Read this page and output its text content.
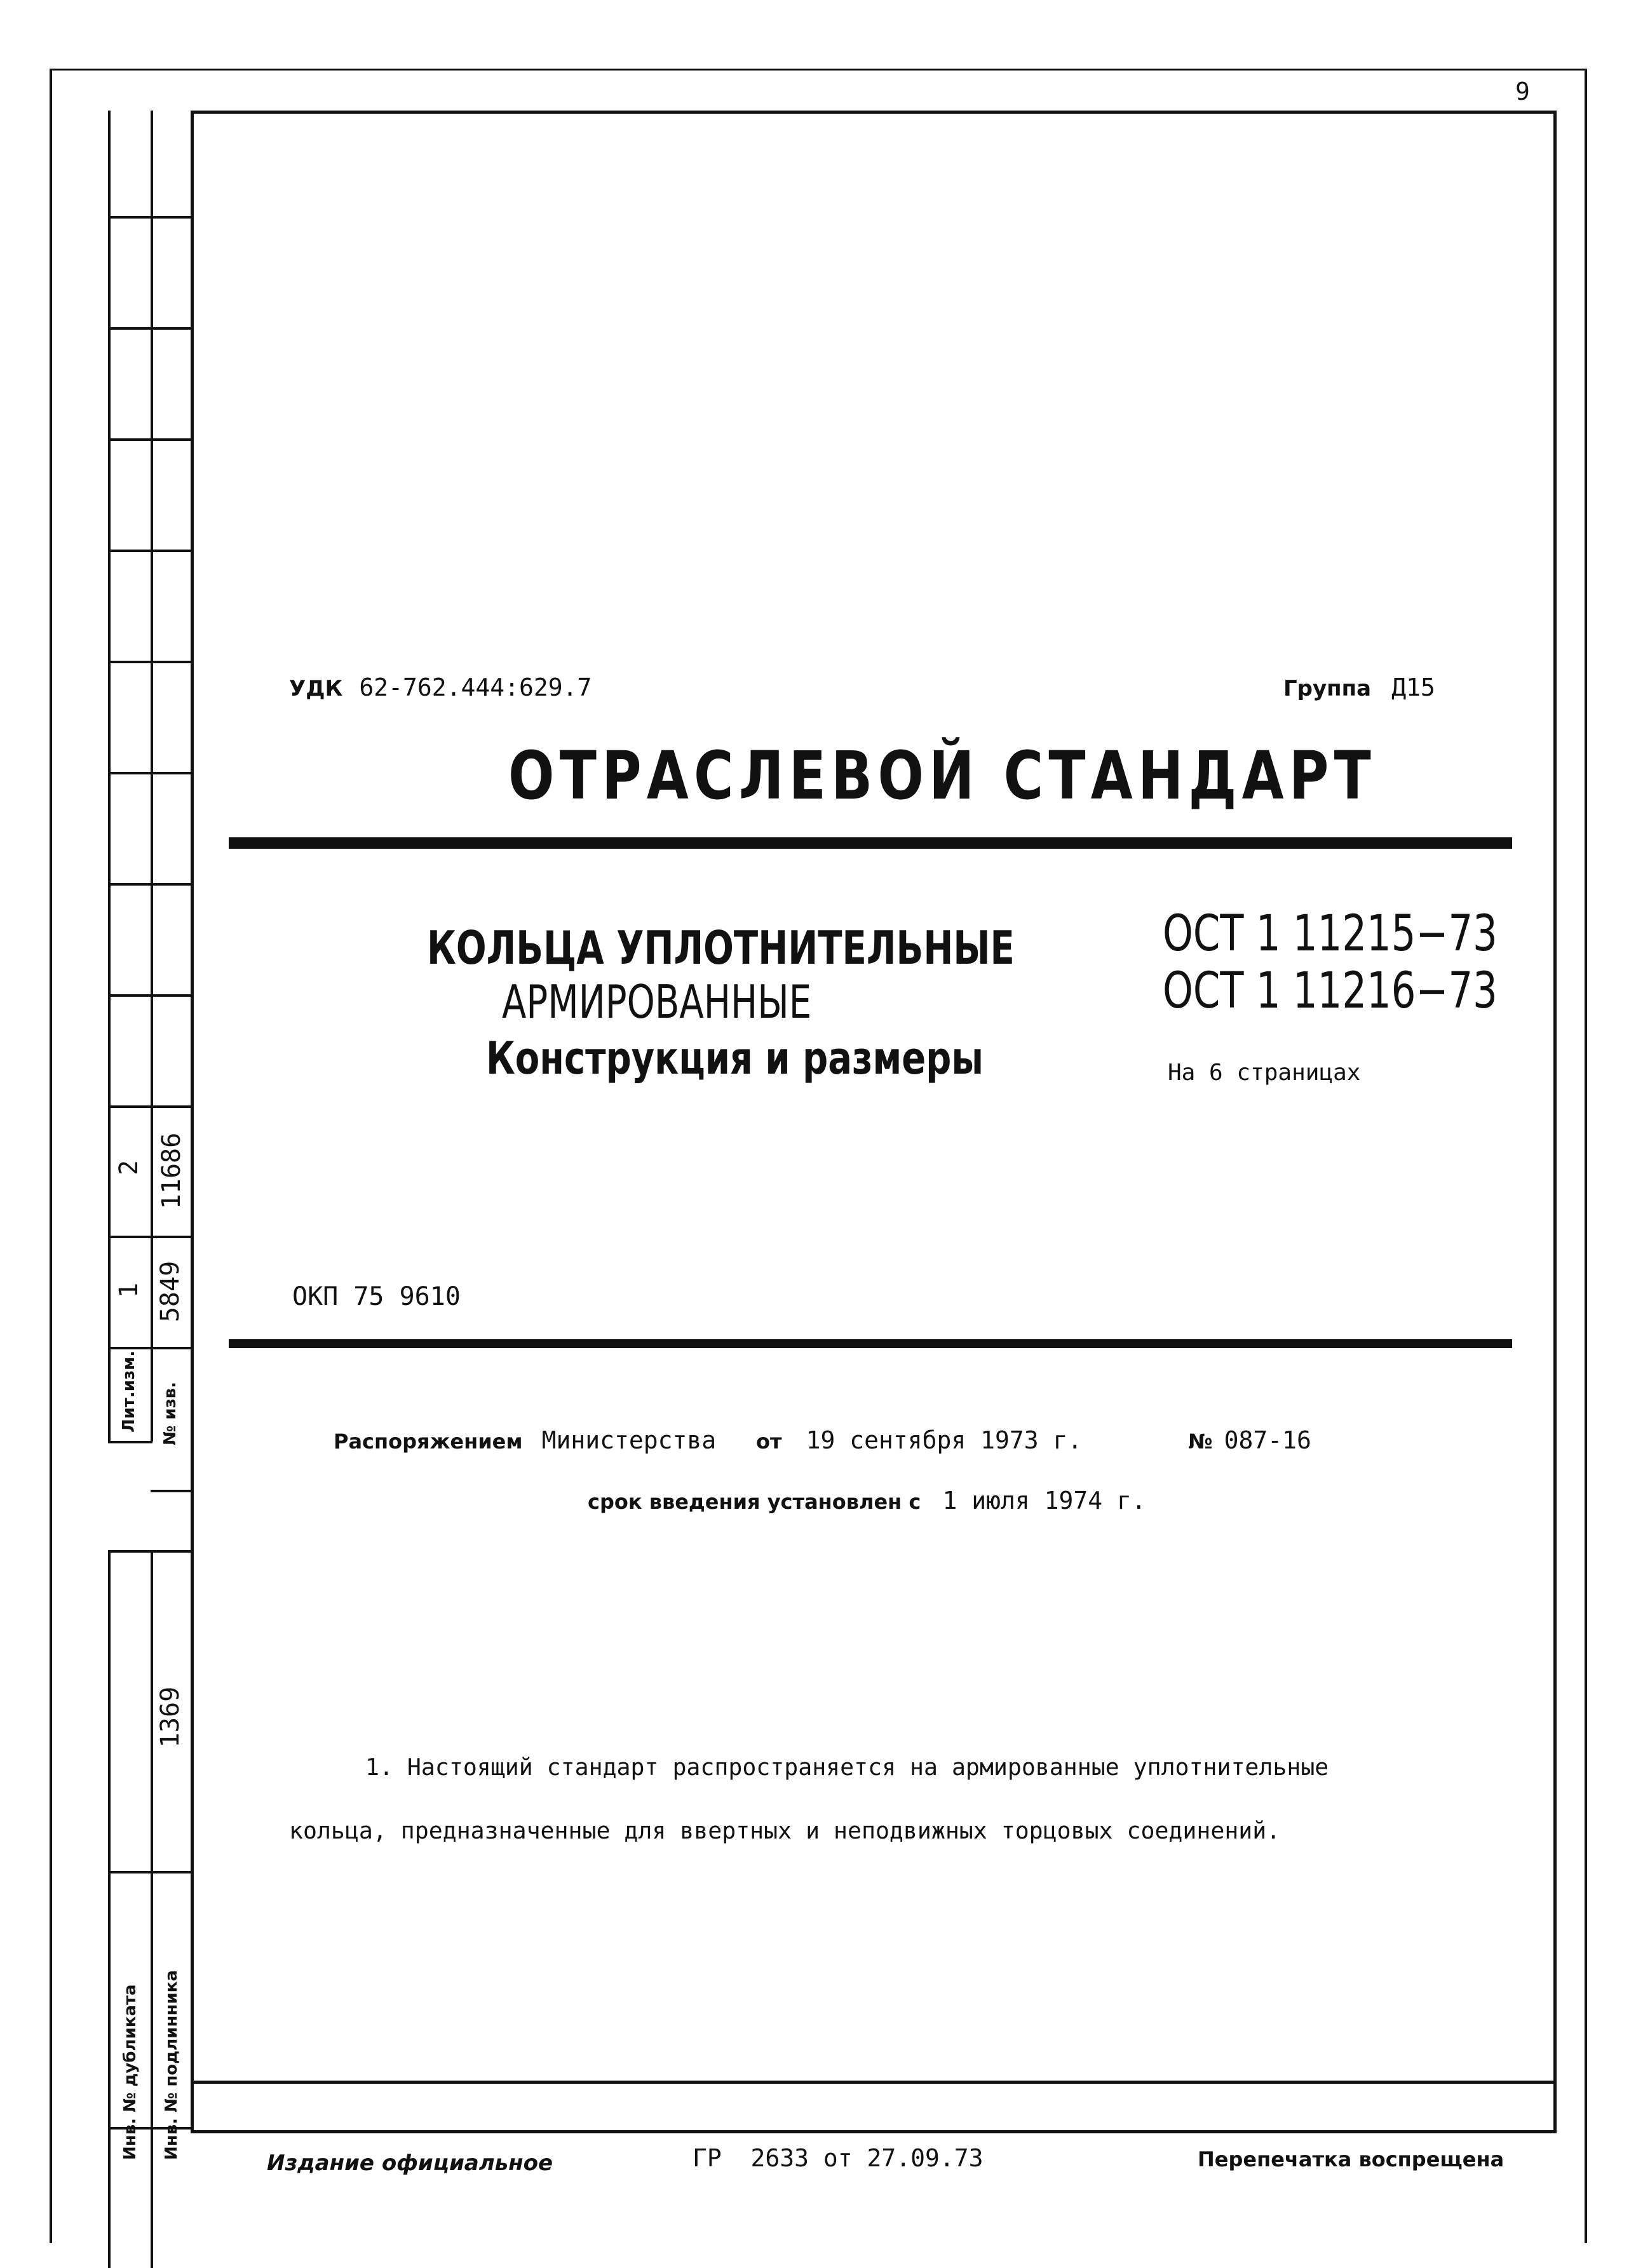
9
2 11686
1 5849
Лит.изм. № изв.
1369
Инв. № дубликата Инв. № подлинника
УДК 62-762.444:629.7	Группа Д15
ОТРАСЛЕВОЙ СТАНДАРТ
КОЛЬЦА УПЛОТНИТЕЛЬНЫЕ
АРМИРОВАННЫЕ
Конструкция и размеры
ОСТ 1 11215−73
ОСТ 1 11216−73
На 6 страницах
ОКП 75 9610
Распоряжением Министерства от 19 сентября 1973 г.	№ 087-16
срок введения установлен с 1 июля 1974 г.
1. Настоящий стандарт распространяется на армированные уплотнительные
кольца, предназначенные для ввертных и неподвижных торцовых соединений.
Издание официальное	ГР  2633 от 27.09.73	Перепечатка воспрещена
